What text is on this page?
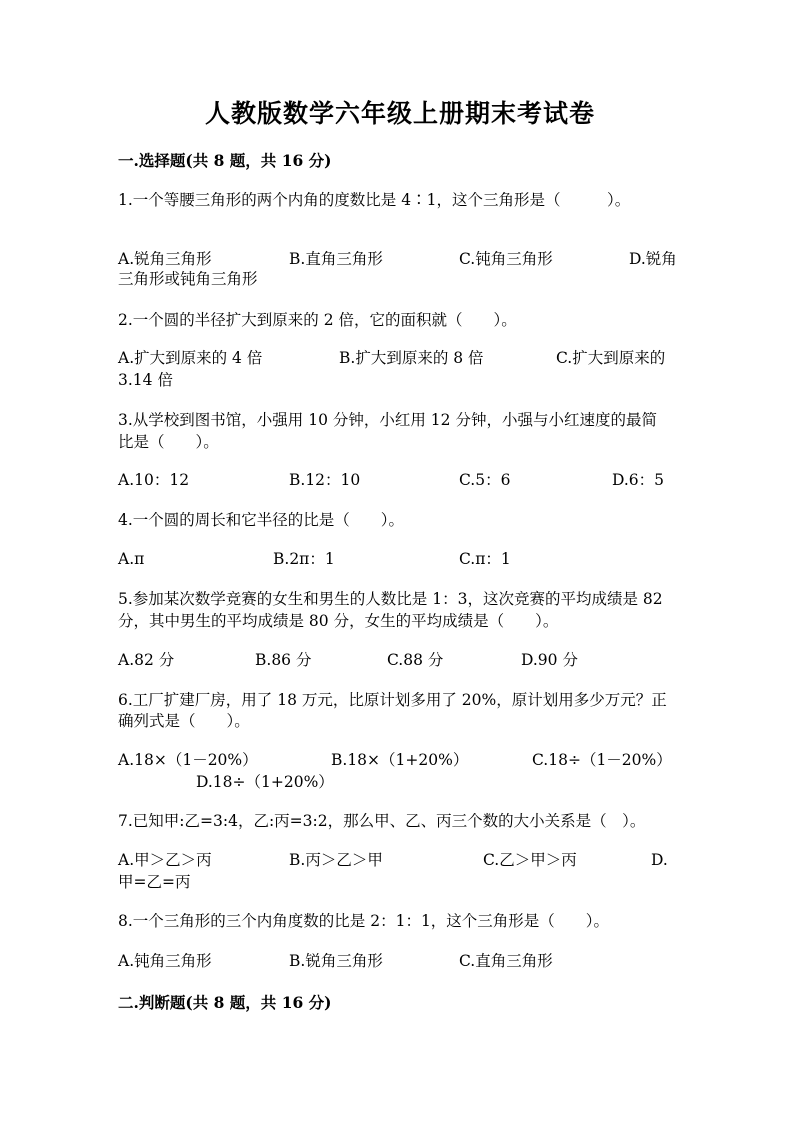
人教版数学六年级上册期末考试卷
一.选择题(共 8 题，共 16 分)
1.一个等腰三角形的两个内角的度数比是 4∶1，这个三角形是（　　　）。
A.锐角三角形	B.直角三角形	C.钝角三角形	D.锐角
三角形或钝角三角形
2.一个圆的半径扩大到原来的 2 倍，它的面积就（　　）。
A.扩大到原来的 4 倍	B.扩大到原来的 8 倍	C.扩大到原来的
3.14 倍
3.从学校到图书馆，小强用 10 分钟，小红用 12 分钟，小强与小红速度的最简
比是（　　）。
A.10：12	B.12：10	C.5：6	D.6：5
4.一个圆的周长和它半径的比是（　　）。
A.π	B.2π：1	C.π：1
5.参加某次数学竞赛的女生和男生的人数比是 1：3，这次竞赛的平均成绩是 82
分，其中男生的平均成绩是 80 分，女生的平均成绩是（　　）。
A.82 分	B.86 分	C.88 分	D.90 分
6.工厂扩建厂房，用了 18 万元，比原计划多用了 20%，原计划用多少万元？正
确列式是（　　）。
A.18×（1－20%）	B.18×（1+20%）	C.18÷（1－20%）
D.18÷（1+20%）
7.已知甲:乙=3:4，乙:丙=3:2，那么甲、乙、丙三个数的大小关系是（　）。
A.甲＞乙＞丙	B.丙＞乙＞甲	C.乙＞甲＞丙	D.
甲=乙=丙
8.一个三角形的三个内角度数的比是 2：1：1，这个三角形是（　　）。
A.钝角三角形	B.锐角三角形	C.直角三角形
二.判断题(共 8 题，共 16 分)
